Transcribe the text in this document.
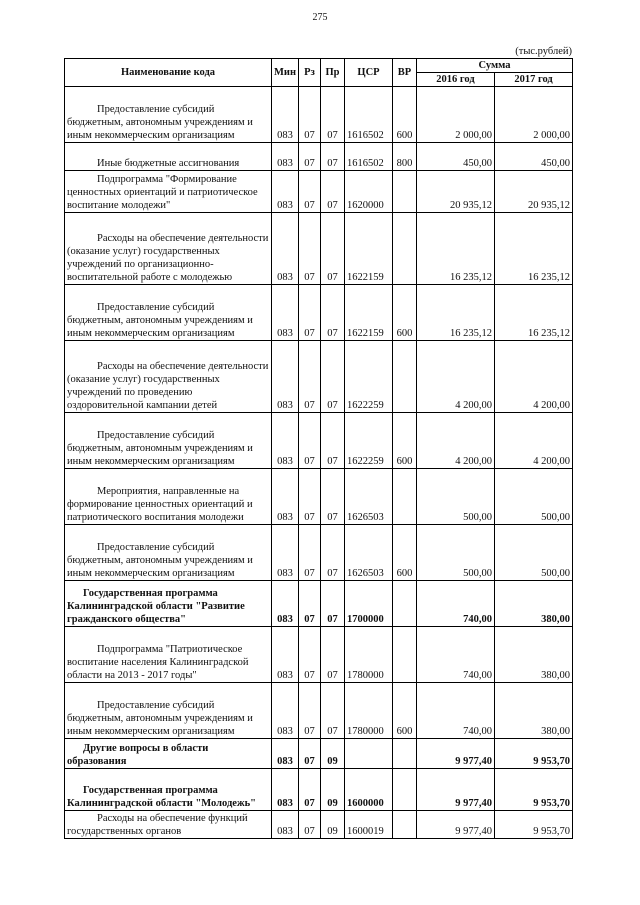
275
(тыс.рублей)
Наименование кода	Мин	Рз	Пр	ЦСР	ВР	Сумма	
						2016 год	2017 год
Предоставление субсидий бюджетным, автономным учреждениям и иным некоммерческим организациям	083	07	07	1616502	600	2 000,00	2 000,00
Иные бюджетные ассигнования	083	07	07	1616502	800	450,00	450,00
Подпрограмма "Формирование ценностных ориентаций и патриотическое воспитание молодежи"	083	07	07	1620000		20 935,12	20 935,12
Расходы на обеспечение деятельности (оказание услуг) государственных учреждений по организационно-воспитательной работе с молодежью	083	07	07	1622159		16 235,12	16 235,12
Предоставление субсидий бюджетным, автономным учреждениям и иным некоммерческим организациям	083	07	07	1622159	600	16 235,12	16 235,12
Расходы на обеспечение деятельности (оказание услуг) государственных учреждений по проведению оздоровительной кампании детей	083	07	07	1622259		4 200,00	4 200,00
Предоставление субсидий бюджетным, автономным учреждениям и иным некоммерческим организациям	083	07	07	1622259	600	4 200,00	4 200,00
Мероприятия, направленные на формирование ценностных ориентаций и патриотического воспитания молодежи	083	07	07	1626503		500,00	500,00
Предоставление субсидий бюджетным, автономным учреждениям и иным некоммерческим организациям	083	07	07	1626503	600	500,00	500,00
Государственная программа Калининградской области "Развитие гражданского общества"	083	07	07	1700000		740,00	380,00
Подпрограмма "Патриотическое воспитание населения Калининградской области на 2013 - 2017 годы"	083	07	07	1780000		740,00	380,00
Предоставление субсидий бюджетным, автономным учреждениям и иным некоммерческим организациям	083	07	07	1780000	600	740,00	380,00
Другие вопросы в области образования	083	07	09			9 977,40	9 953,70
Государственная программа Калининградской области "Молодежь"	083	07	09	1600000		9 977,40	9 953,70
Расходы на обеспечение функций государственных органов	083	07	09	1600019		9 977,40	9 953,70
